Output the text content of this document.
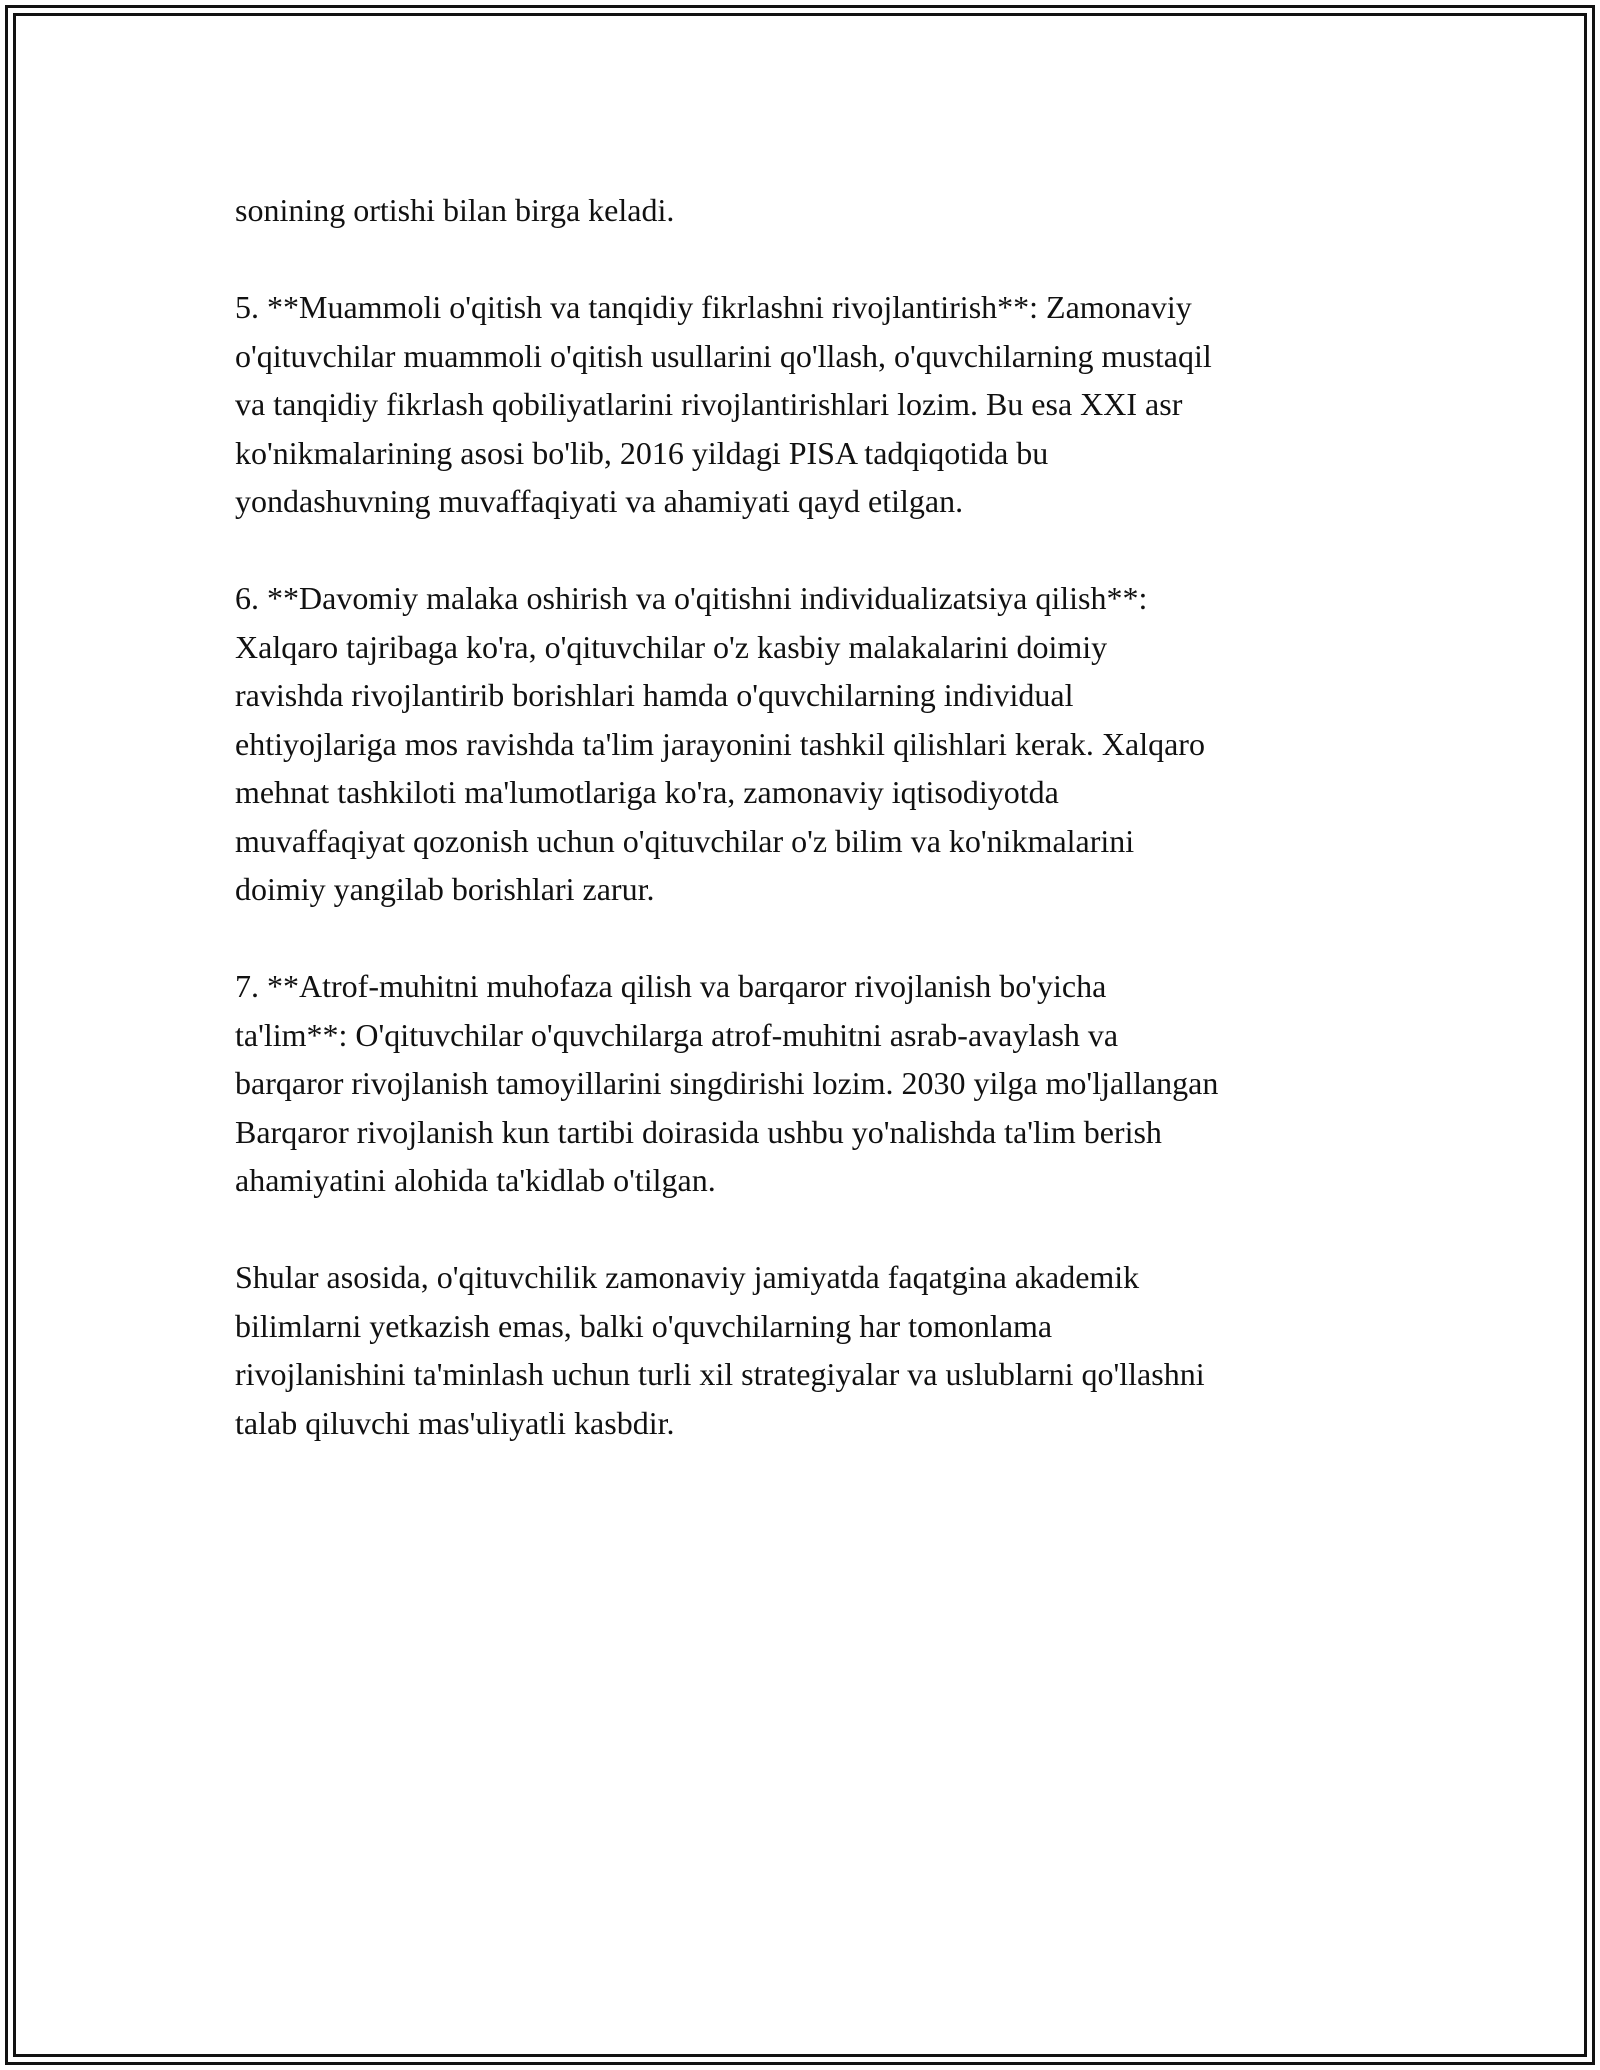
sonining ortishi bilan birga keladi.

5. **Muammoli o'qitish va tanqidiy fikrlashni rivojlantirish**: Zamonaviy
o'qituvchilar muammoli o'qitish usullarini qo'llash, o'quvchilarning mustaqil
va tanqidiy fikrlash qobiliyatlarini rivojlantirishlari lozim. Bu esa XXI asr
ko'nikmalarining asosi bo'lib, 2016 yildagi PISA tadqiqotida bu
yondashuvning muvaffaqiyati va ahamiyati qayd etilgan.

6. **Davomiy malaka oshirish va o'qitishni individualizatsiya qilish**:
Xalqaro tajribaga ko'ra, o'qituvchilar o'z kasbiy malakalarini doimiy
ravishda rivojlantirib borishlari hamda o'quvchilarning individual
ehtiyojlariga mos ravishda ta'lim jarayonini tashkil qilishlari kerak. Xalqaro
mehnat tashkiloti ma'lumotlariga ko'ra, zamonaviy iqtisodiyotda
muvaffaqiyat qozonish uchun o'qituvchilar o'z bilim va ko'nikmalarini
doimiy yangilab borishlari zarur.

7. **Atrof-muhitni muhofaza qilish va barqaror rivojlanish bo'yicha
ta'lim**: O'qituvchilar o'quvchilarga atrof-muhitni asrab-avaylash va
barqaror rivojlanish tamoyillarini singdirishi lozim. 2030 yilga mo'ljallangan
Barqaror rivojlanish kun tartibi doirasida ushbu yo'nalishda ta'lim berish
ahamiyatini alohida ta'kidlab o'tilgan.

Shular asosida, o'qituvchilik zamonaviy jamiyatda faqatgina akademik
bilimlarni yetkazish emas, balki o'quvchilarning har tomonlama
rivojlanishini ta'minlash uchun turli xil strategiyalar va uslublarni qo'llashni
talab qiluvchi mas'uliyatli kasbdir.
